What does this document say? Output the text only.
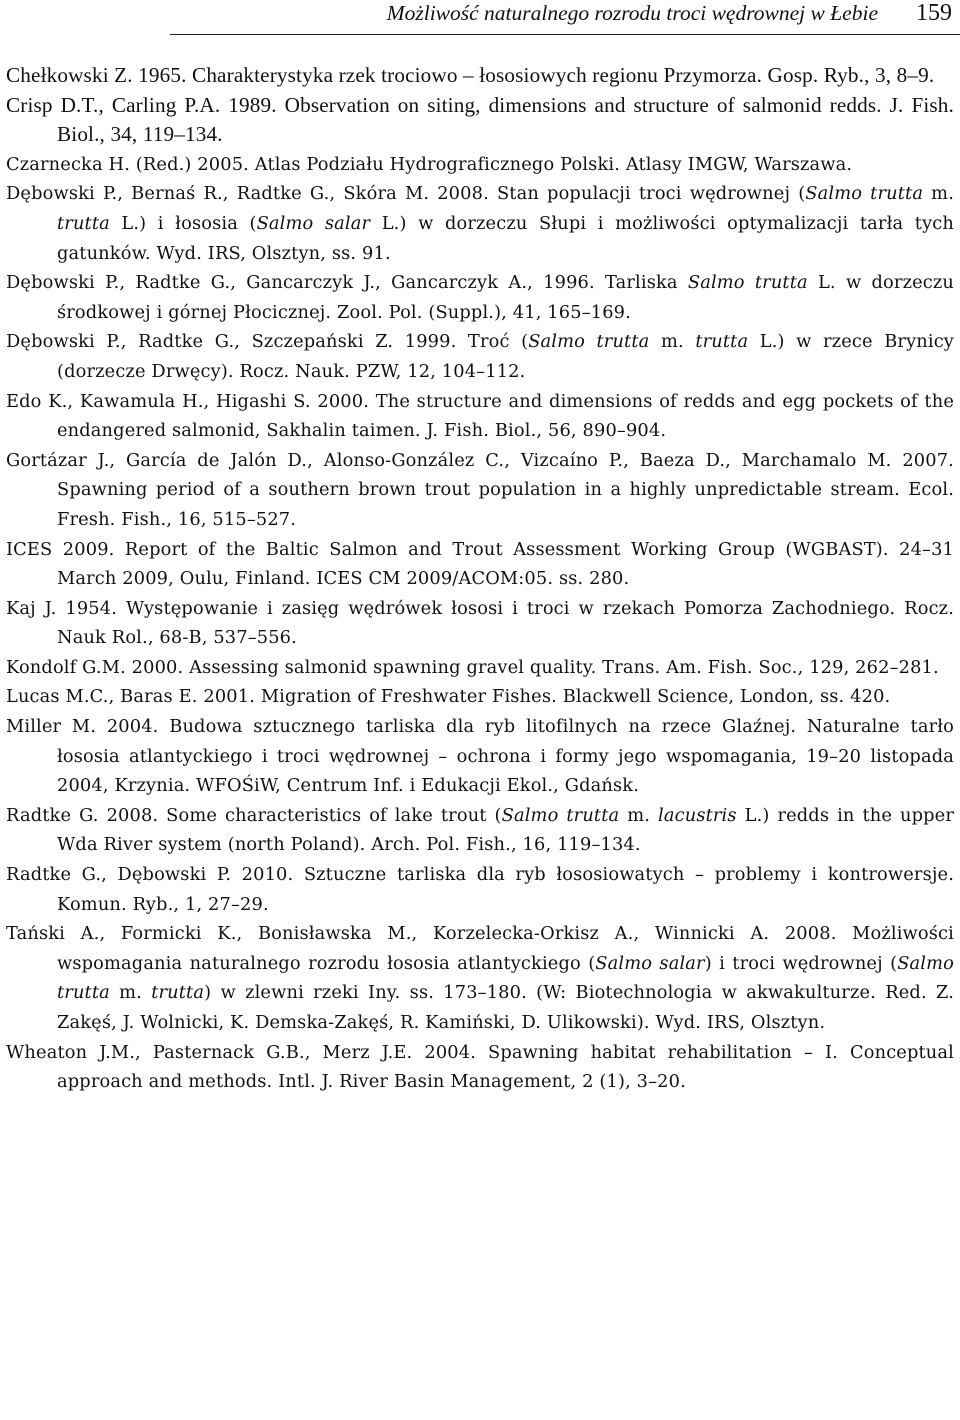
Możliwość naturalnego rozrodu troci wędrownej w Łebie 159
Chełkowski Z. 1965. Charakterystyka rzek trociowo – łososiowych regionu Przymorza. Gosp. Ryb., 3, 8–9.
Crisp D.T., Carling P.A. 1989. Observation on siting, dimensions and structure of salmonid redds. J. Fish. Biol., 34, 119–134.
Czarnecka H. (Red.) 2005. Atlas Podziału Hydrograficznego Polski. Atlasy IMGW, Warszawa.
Dębowski P., Bernaś R., Radtke G., Skóra M. 2008. Stan populacji troci wędrownej (Salmo trutta m. trutta L.) i łososia (Salmo salar L.) w dorzeczu Słupi i możliwości optymalizacji tarła tych gatunków. Wyd. IRS, Olsztyn, ss. 91.
Dębowski P., Radtke G., Gancarczyk J., Gancarczyk A., 1996. Tarliska Salmo trutta L. w dorzeczu środkowej i górnej Płocicznej. Zool. Pol. (Suppl.), 41, 165–169.
Dębowski P., Radtke G., Szczepański Z. 1999. Troć (Salmo trutta m. trutta L.) w rzece Brynicy (dorzecze Drwęcy). Rocz. Nauk. PZW, 12, 104–112.
Edo K., Kawamula H., Higashi S. 2000. The structure and dimensions of redds and egg pockets of the endangered salmonid, Sakhalin taimen. J. Fish. Biol., 56, 890–904.
Gortázar J., García de Jalón D., Alonso-González C., Vizcaíno P., Baeza D., Marchamalo M. 2007. Spawning period of a southern brown trout population in a highly unpredictable stream. Ecol. Fresh. Fish., 16, 515–527.
ICES 2009. Report of the Baltic Salmon and Trout Assessment Working Group (WGBAST). 24–31 March 2009, Oulu, Finland. ICES CM 2009/ACOM:05. ss. 280.
Kaj J. 1954. Występowanie i zasięg wędrówek łososi i troci w rzekach Pomorza Zachodniego. Rocz. Nauk Rol., 68-B, 537–556.
Kondolf G.M. 2000. Assessing salmonid spawning gravel quality. Trans. Am. Fish. Soc., 129, 262–281.
Lucas M.C., Baras E. 2001. Migration of Freshwater Fishes. Blackwell Science, London, ss. 420.
Miller M. 2004. Budowa sztucznego tarliska dla ryb litofilnych na rzece Glaźnej. Naturalne tarło łososia atlantyckiego i troci wędrownej – ochrona i formy jego wspomagania, 19–20 listopada 2004, Krzynia. WFOŚiW, Centrum Inf. i Edukacji Ekol., Gdańsk.
Radtke G. 2008. Some characteristics of lake trout (Salmo trutta m. lacustris L.) redds in the upper Wda River system (north Poland). Arch. Pol. Fish., 16, 119–134.
Radtke G., Dębowski P. 2010. Sztuczne tarliska dla ryb łososiowatych – problemy i kontrowersje. Komun. Ryb., 1, 27–29.
Tański A., Formicki K., Bonisławska M., Korzelecka-Orkisz A., Winnicki A. 2008. Możliwości wspomagania naturalnego rozrodu łososia atlantyckiego (Salmo salar) i troci wędrownej (Salmo trutta m. trutta) w zlewni rzeki Iny. ss. 173–180. (W: Biotechnologia w akwakulturze. Red. Z. Zakęś, J. Wolnicki, K. Demska-Zakęś, R. Kamiński, D. Ulikowski). Wyd. IRS, Olsztyn.
Wheaton J.M., Pasternack G.B., Merz J.E. 2004. Spawning habitat rehabilitation – I. Conceptual approach and methods. Intl. J. River Basin Management, 2 (1), 3–20.
